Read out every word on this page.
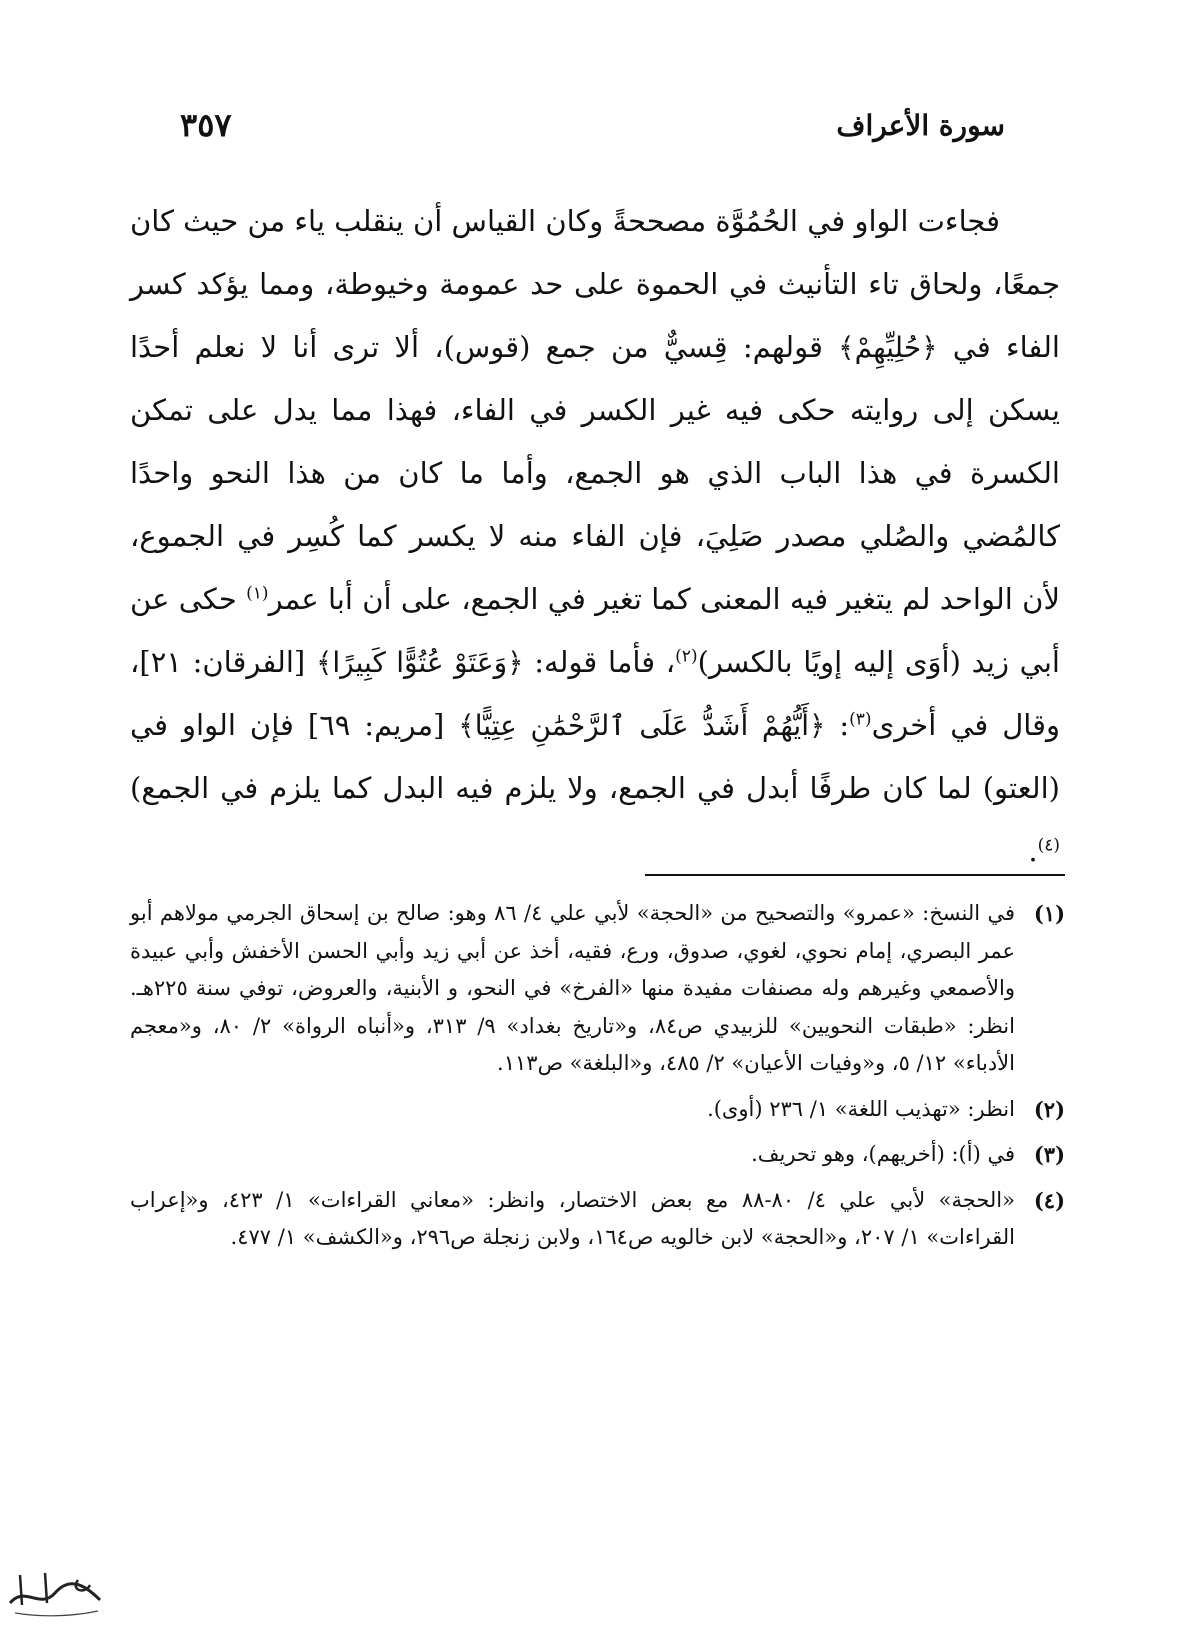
سورة الأعراف
٣٥٧

فجاءت الواو في الحُمُوَّة مصححةً وكان القياس أن ينقلب ياء من حيث كان جمعًا، ولحاق تاء التأنيث في الحموة على حد عمومة وخيوطة، ومما يؤكد كسر الفاء في ﴿حُلِيِّهِمْ﴾ قولهم: قِسيٌّ من جمع (قوس)، ألا ترى أنا لا نعلم أحدًا يسكن إلى روايته حكى فيه غير الكسر في الفاء، فهذا مما يدل على تمكن الكسرة في هذا الباب الذي هو الجمع، وأما ما كان من هذا النحو واحدًا كالمُضي والصُلي مصدر صَلِيَ، فإن الفاء منه لا يكسر كما كُسِر في الجموع، لأن الواحد لم يتغير فيه المعنى كما تغير في الجمع، على أن أبا عمر$^{(١)}$ حكى عن أبي زيد (أوَى إليه إويًا بالكسر)$^{(٢)}$، فأما قوله: ﴿وَعَتَوْ عُتُوًّا كَبِيرًا﴾ [الفرقان: ٢١]، وقال في أخرى$^{(٣)}$: ﴿أَيُّهُمْ أَشَدُّ عَلَى ٱلرَّحْمَٰنِ عِتِيًّا﴾ [مريم: ٦٩] فإن الواو في (العتو) لما كان طرفًا أبدل في الجمع، ولا يلزم فيه البدل كما يلزم في الجمع)$^{(٤)}$.

(١)
في النسخ: «عمرو» والتصحيح من «الحجة» لأبي علي ٤/ ٨٦ وهو: صالح بن إسحاق الجرمي مولاهم أبو عمر البصري، إمام نحوي، لغوي، صدوق، ورع، فقيه، أخذ عن أبي زيد وأبي الحسن الأخفش وأبي عبيدة والأصمعي وغيرهم وله مصنفات مفيدة منها «الفرخ» في النحو، و الأبنية، والعروض، توفي سنة ٢٢٥هـ. انظر: «طبقات النحويين» للزبيدي ص٨٤، و«تاريخ بغداد» ٩/ ٣١٣، و«أنباه الرواة» ٢/ ٨٠، و«معجم الأدباء» ١٢/ ٥، و«وفيات الأعيان» ٢/ ٤٨٥، و«البلغة» ص١١٣.
(٢)
انظر: «تهذيب اللغة» ١/ ٢٣٦ (أوى).
(٣)
في (أ): (أخريهم)، وهو تحريف.
(٤)
«الحجة» لأبي علي ٤/ ٨٠-٨٨ مع بعض الاختصار، وانظر: «معاني القراءات» ١/ ٤٢٣، و«إعراب القراءات» ١/ ٢٠٧، و«الحجة» لابن خالويه ص١٦٤، ولابن زنجلة ص٢٩٦، و«الكشف» ١/ ٤٧٧.
